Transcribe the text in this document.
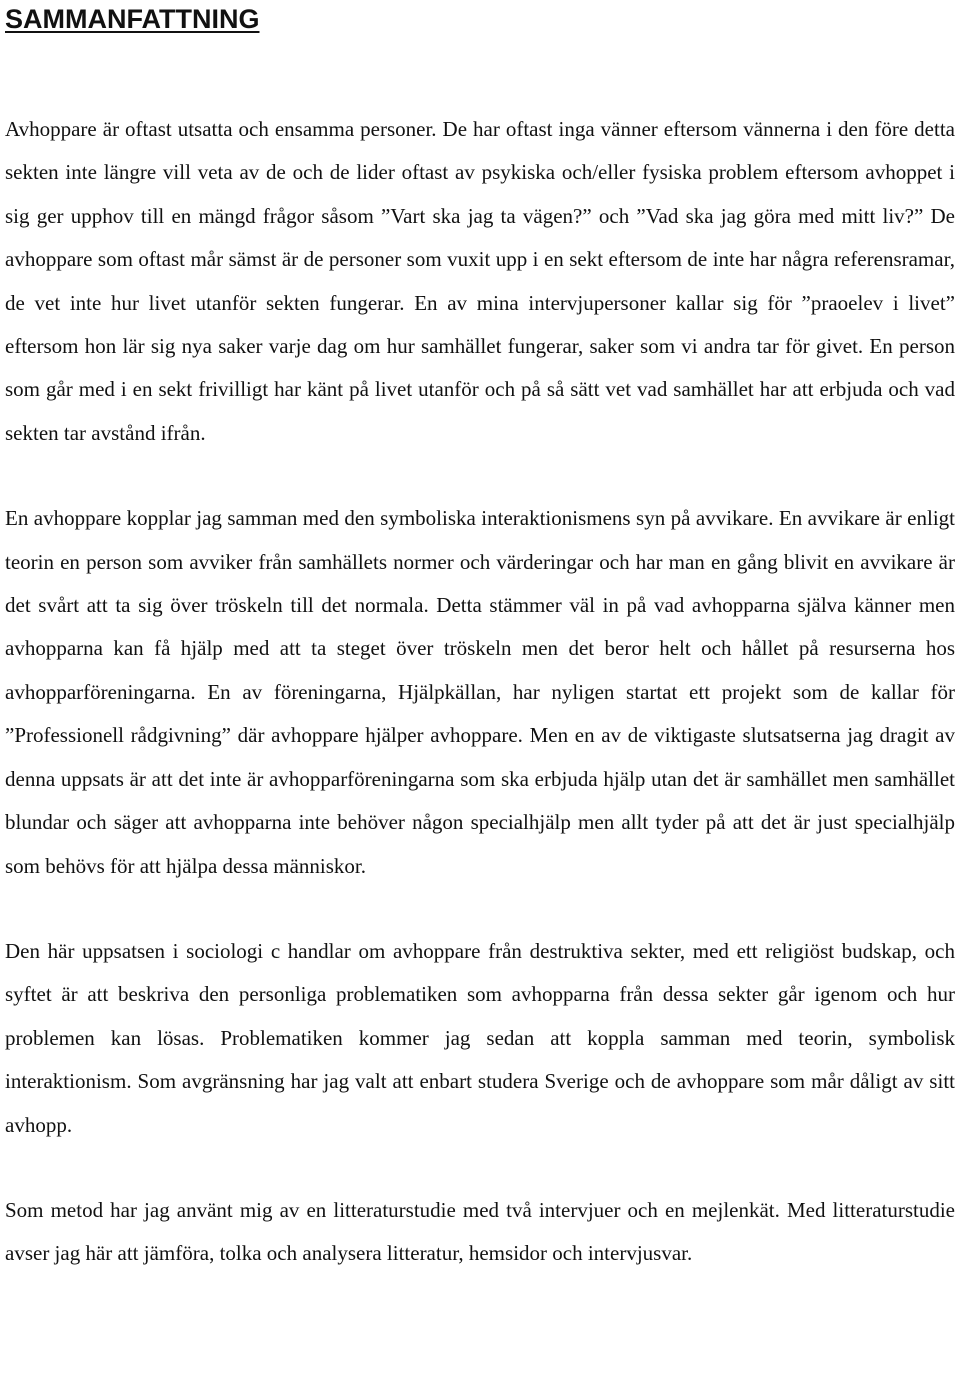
SAMMANFATTNING

Avhoppare är oftast utsatta och ensamma personer. De har oftast inga vänner eftersom vännerna i den före detta sekten inte längre vill veta av de och de lider oftast av psykiska och/eller fysiska problem eftersom avhoppet i sig ger upphov till en mängd frågor såsom ”Vart ska jag ta vägen?” och ”Vad ska jag göra med mitt liv?” De avhoppare som oftast mår sämst är de personer som vuxit upp i en sekt eftersom de inte har några referensramar, de vet inte hur livet utanför sekten fungerar. En av mina intervjupersoner kallar sig för ”praoelev i livet” eftersom hon lär sig nya saker varje dag om hur samhället fungerar, saker som vi andra tar för givet. En person som går med i en sekt frivilligt har känt på livet utanför och på så sätt vet vad samhället har att erbjuda och vad sekten tar avstånd ifrån.

En avhoppare kopplar jag samman med den symboliska interaktionismens syn på avvikare. En avvikare är enligt teorin en person som avviker från samhällets normer och värderingar och har man en gång blivit en avvikare är det svårt att ta sig över tröskeln till det normala. Detta stämmer väl in på vad avhopparna själva känner men avhopparna kan få hjälp med att ta steget över tröskeln men det beror helt och hållet på resurserna hos avhopparföreningarna. En av föreningarna, Hjälpkällan, har nyligen startat ett projekt som de kallar för ”Professionell rådgivning” där avhoppare hjälper avhoppare. Men en av de viktigaste slutsatserna jag dragit av denna uppsats är att det inte är avhopparföreningarna som ska erbjuda hjälp utan det är samhället men samhället blundar och säger att avhopparna inte behöver någon specialhjälp men allt tyder på att det är just specialhjälp som behövs för att hjälpa dessa människor.

Den här uppsatsen i sociologi c handlar om avhoppare från destruktiva sekter, med ett religiöst budskap, och syftet är att beskriva den personliga problematiken som avhopparna från dessa sekter går igenom och hur problemen kan lösas. Problematiken kommer jag sedan att koppla samman med teorin, symbolisk interaktionism. Som avgränsning har jag valt att enbart studera Sverige och de avhoppare som mår dåligt av sitt avhopp.

Som metod har jag använt mig av en litteraturstudie med två intervjuer och en mejlenkät. Med litteraturstudie avser jag här att jämföra, tolka och analysera litteratur, hemsidor och intervjusvar.
